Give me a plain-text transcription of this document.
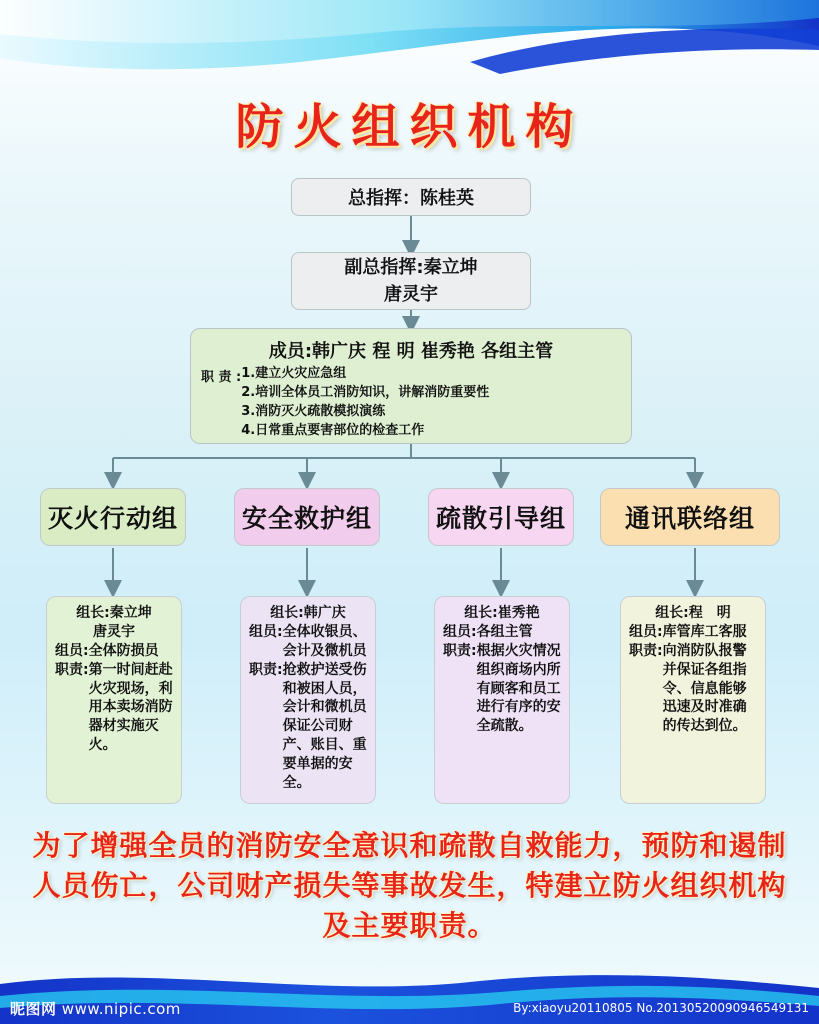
防火组织机构
总指挥：陈桂英
副总指挥:秦立坤
唐灵宇
成员:韩广庆 程 明 崔秀艳 各组主管
职 责 : 1.建立火灾应急组
2.培训全体员工消防知识，讲解消防重要性
3.消防灭火疏散模拟演练
4.日常重点要害部位的检查工作
灭火行动组	安全救护组	疏散引导组 通讯联络组
组长:秦立坤
唐灵宇
组员: 全体防损员
职责: 第一时间赶赴火灾现场，利用本卖场消防器材实施灭火。
组长:韩广庆
组员: 全体收银员、会计及微机员
职责: 抢救护送受伤和被困人员，会计和微机员保证公司财产、账目、重要单据的安全。
组长:崔秀艳
组员: 各组主管
职责: 根据火灾情况组织商场内所有顾客和员工进行有序的安全疏散。
组长:程　明
组员: 库管库工客服
职责: 向消防队报警并保证各组指令、信息能够迅速及时准确的传达到位。
为了增强全员的消防安全意识和疏散自救能力，预防和遏制人员伤亡，公司财产损失等事故发生，特建立防火组织机构及主要职责。
昵图网 www.nipic.com	By:xiaoyu20110805 No.20130520090946549131
